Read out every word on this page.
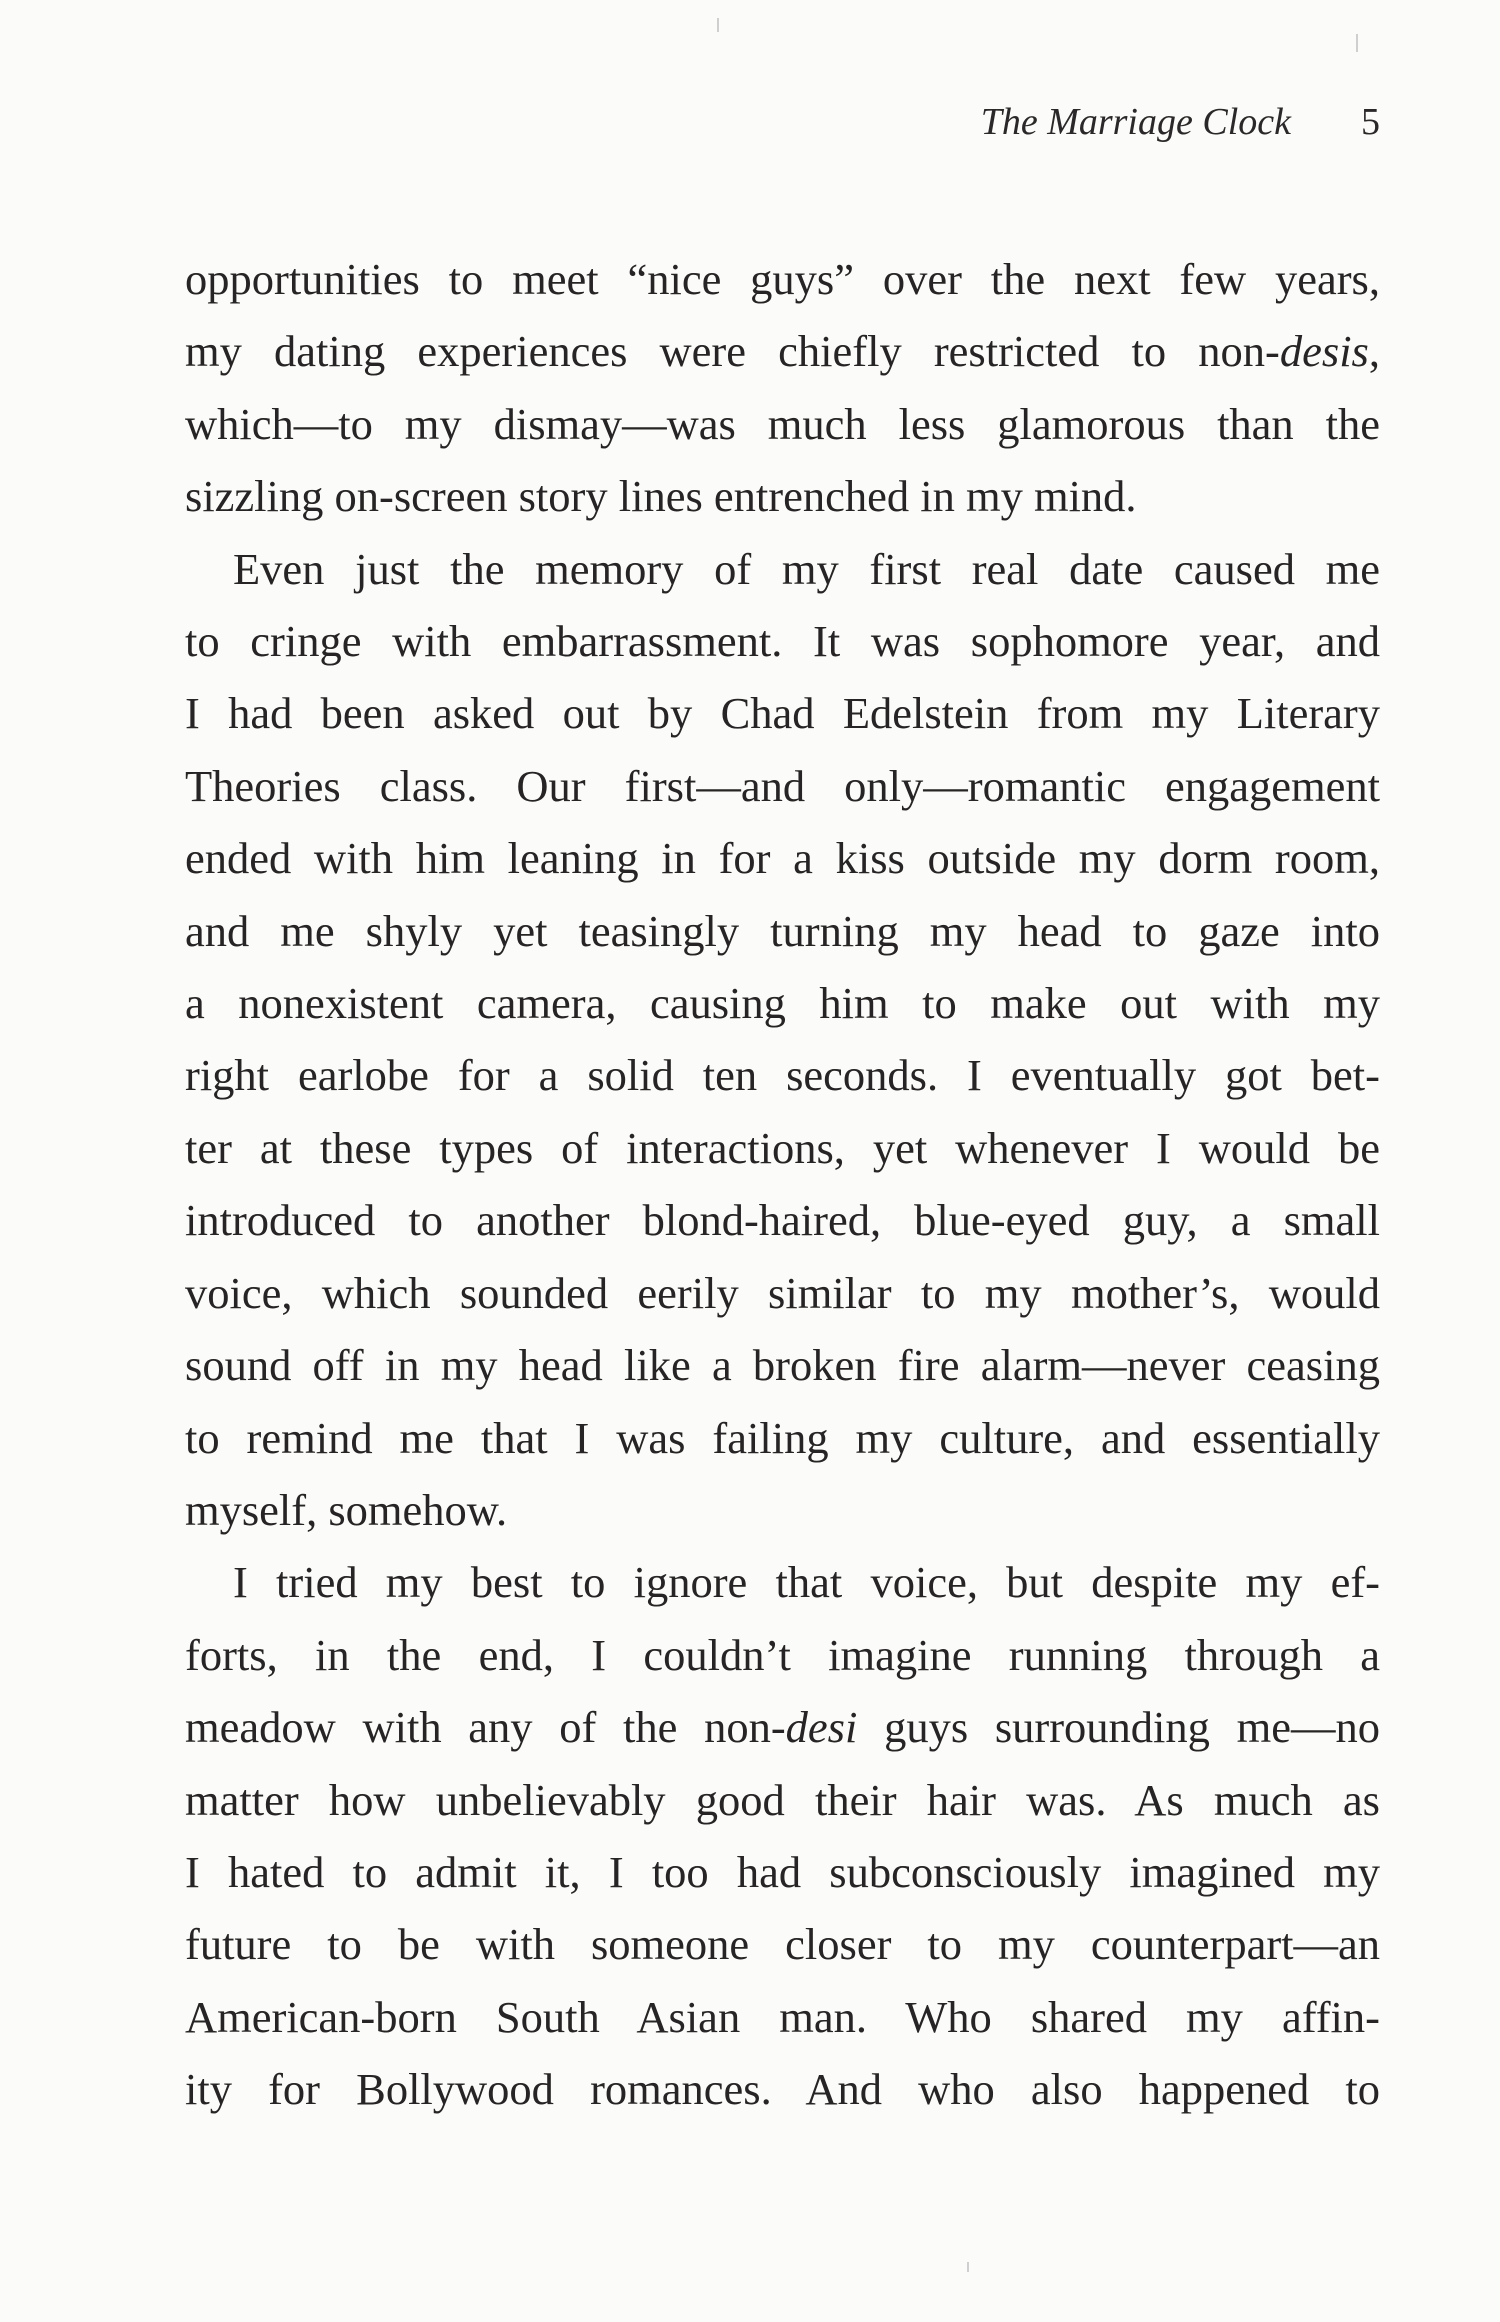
The Marriage Clock 5
opportunities to meet “nice guys” over the next few years,
my dating experiences were chiefly restricted to non-desis,
which—to my dismay—was much less glamorous than the
sizzling on-screen story lines entrenched in my mind.
Even just the memory of my first real date caused me
to cringe with embarrassment. It was sophomore year, and
I had been asked out by Chad Edelstein from my Literary
Theories class. Our first—and only—romantic engagement
ended with him leaning in for a kiss outside my dorm room,
and me shyly yet teasingly turning my head to gaze into
a nonexistent camera, causing him to make out with my
right earlobe for a solid ten seconds. I eventually got bet-
ter at these types of interactions, yet whenever I would be
introduced to another blond-haired, blue-eyed guy, a small
voice, which sounded eerily similar to my mother’s, would
sound off in my head like a broken fire alarm—never ceasing
to remind me that I was failing my culture, and essentially
myself, somehow.
I tried my best to ignore that voice, but despite my ef-
forts, in the end, I couldn’t imagine running through a
meadow with any of the non-desi guys surrounding me—no
matter how unbelievably good their hair was. As much as
I hated to admit it, I too had subconsciously imagined my
future to be with someone closer to my counterpart—an
American-born South Asian man. Who shared my affin-
ity for Bollywood romances. And who also happened to
